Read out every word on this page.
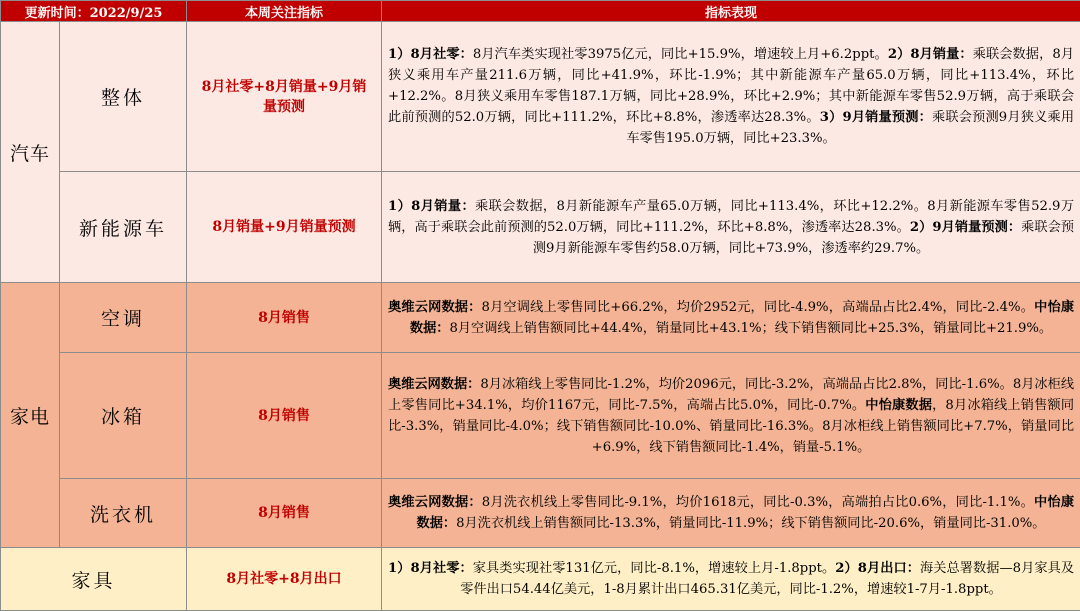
更新时间：2022/9/25		本周关注指标	指标表现
汽车	整体	8月社零+8月销量+9月销量预测	1）8月社零：8月汽车类实现社零3975亿元，同比+15.9%，增速较上月+6.2ppt。2）8月销量：乘联会数据，8月狭义乘用车产量211.6万辆，同比+41.9%，环比-1.9%；其中新能源车产量65.0万辆，同比+113.4%，环比+12.2%。8月狭义乘用车零售187.1万辆，同比+28.9%，环比+2.9%；其中新能源车零售52.9万辆，高于乘联会此前预测的52.0万辆，同比+111.2%，环比+8.8%，渗透率达28.3%。3）9月销量预测：乘联会预测9月狭义乘用车零售195.0万辆，同比+23.3%。
	新能源车	8月销量+9月销量预测	1）8月销量：乘联会数据，8月新能源车产量65.0万辆，同比+113.4%，环比+12.2%。8月新能源车零售52.9万辆，高于乘联会此前预测的52.0万辆，同比+111.2%，环比+8.8%，渗透率达28.3%。2）9月销量预测：乘联会预测9月新能源车零售约58.0万辆，同比+73.9%，渗透率约29.7%。
家电	空调	8月销售	奥维云网数据：8月空调线上零售同比+66.2%，均价2952元，同比-4.9%，高端品占比2.4%，同比-2.4%。中怡康数据：8月空调线上销售额同比+44.4%，销量同比+43.1%；线下销售额同比+25.3%，销量同比+21.9%。
	冰箱	8月销售	奥维云网数据：8月冰箱线上零售同比-1.2%，均价2096元，同比-3.2%，高端品占比2.8%，同比-1.6%。8月冰柜线上零售同比+34.1%，均价1167元，同比-7.5%，高端占比5.0%，同比-0.7%。中怡康数据，8月冰箱线上销售额同比-3.3%，销量同比-4.0%；线下销售额同比-10.0%、销量同比-16.3%。8月冰柜线上销售额同比+7.7%，销量同比+6.9%，线下销售额同比-1.4%，销量-5.1%。
	洗衣机	8月销售	奥维云网数据：8月洗衣机线上零售同比-9.1%，均价1618元，同比-0.3%，高端拍占比0.6%，同比-1.1%。中怡康数据：8月洗衣机线上销售额同比-13.3%，销量同比-11.9%；线下销售额同比-20.6%，销量同比-31.0%。
家具		8月社零+8月出口	1）8月社零：家具类实现社零131亿元，同比-8.1%，增速较上月-1.8ppt。2）8月出口：海关总署数据—8月家具及零件出口54.44亿美元，1-8月累计出口465.31亿美元，同比-1.2%，增速较1-7月-1.8ppt。
